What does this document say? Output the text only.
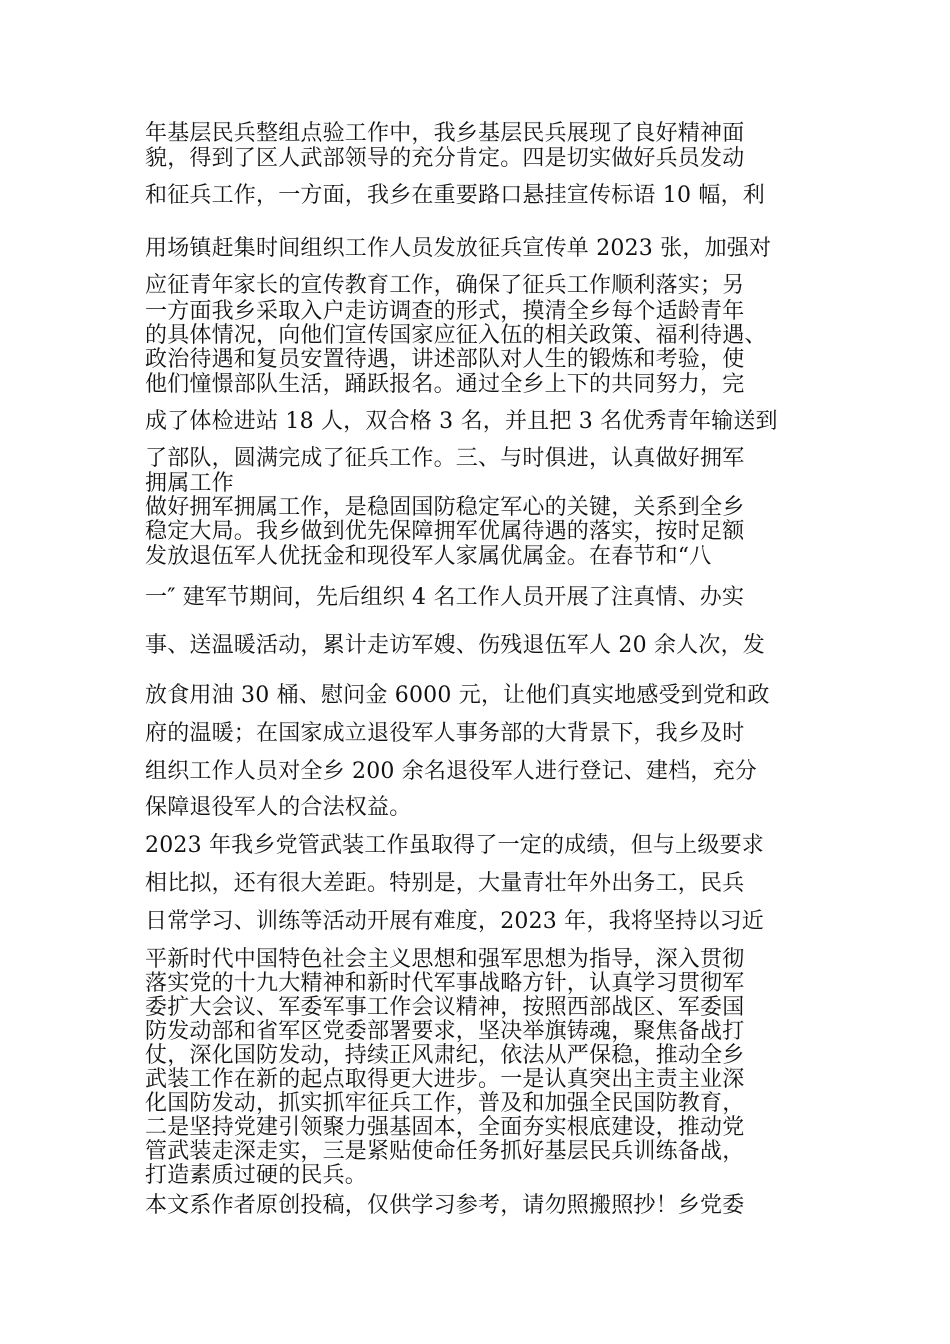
年基层民兵整组点验工作中，我乡基层民兵展现了良好精神面
貌，得到了区人武部领导的充分肯定。四是切实做好兵员发动
和征兵工作，一方面，我乡在重要路口悬挂宣传标语 10 幅，利
用场镇赶集时间组织工作人员发放征兵宣传单 2023 张，加强对
应征青年家长的宣传教育工作，确保了征兵工作顺利落实；另
一方面我乡采取入户走访调查的形式，摸清全乡每个适龄青年
的具体情况，向他们宣传国家应征入伍的相关政策、福利待遇、
政治待遇和复员安置待遇，讲述部队对人生的锻炼和考验，使
他们憧憬部队生活，踊跃报名。通过全乡上下的共同努力，完
成了体检进站 18 人，双合格 3 名，并且把 3 名优秀青年输送到
了部队，圆满完成了征兵工作。三、与时俱进，认真做好拥军
拥属工作
做好拥军拥属工作，是稳固国防稳定军心的关键，关系到全乡
稳定大局。我乡做到优先保障拥军优属待遇的落实，按时足额
发放退伍军人优抚金和现役军人家属优属金。在春节和“八
一″ 建军节期间，先后组织 4 名工作人员开展了注真情、办实
事、送温暖活动，累计走访军嫂、伤残退伍军人 20 余人次，发
放食用油 30 桶、慰问金 6000 元，让他们真实地感受到党和政
府的温暖；在国家成立退役军人事务部的大背景下，我乡及时
组织工作人员对全乡 200 余名退役军人进行登记、建档，充分
保障退役军人的合法权益。
2023 年我乡党管武装工作虽取得了一定的成绩，但与上级要求
相比拟，还有很大差距。特别是，大量青壮年外出务工，民兵
日常学习、训练等活动开展有难度，2023 年，我将坚持以习近
平新时代中国特色社会主义思想和强军思想为指导，深入贯彻
落实党的十九大精神和新时代军事战略方针，认真学习贯彻军
委扩大会议、军委军事工作会议精神，按照西部战区、军委国
防发动部和省军区党委部署要求，坚决举旗铸魂，聚焦备战打
仗，深化国防发动，持续正风肃纪，依法从严保稳，推动全乡
武装工作在新的起点取得更大进步。一是认真突出主责主业深
化国防发动，抓实抓牢征兵工作，普及和加强全民国防教育，
二是坚持党建引领聚力强基固本，全面夯实根底建设，推动党
管武装走深走实，三是紧贴使命任务抓好基层民兵训练备战，
打造素质过硬的民兵。
本文系作者原创投稿，仅供学习参考，请勿照搬照抄！乡党委
